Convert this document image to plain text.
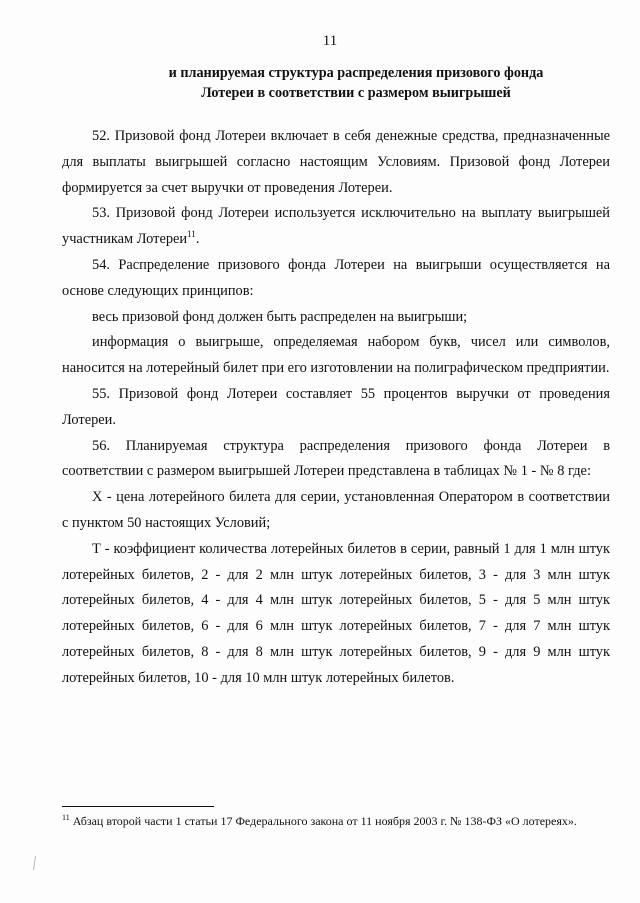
11
и планируемая структура распределения призового фонда
Лотереи в соответствии с размером выигрышей

52. Призовой фонд Лотереи включает в себя денежные средства, предназначенные для выплаты выигрышей согласно настоящим Условиям. Призовой фонд Лотереи формируется за счет выручки от проведения Лотереи.

53. Призовой фонд Лотереи используется исключительно на выплату выигрышей участникам Лотереи$^{11}$.

54. Распределение призового фонда Лотереи на выигрыши осуществляется на основе следующих принципов:

весь призовой фонд должен быть распределен на выигрыши;

информация о выигрыше, определяемая набором букв, чисел или символов, наносится на лотерейный билет при его изготовлении на полиграфическом предприятии.

55. Призовой фонд Лотереи составляет 55 процентов выручки от проведения Лотереи.

56. Планируемая структура распределения призового фонда Лотереи в соответствии с размером выигрышей Лотереи представлена в таблицах № 1 - № 8 где:

X - цена лотерейного билета для серии, установленная Оператором в соответствии с пунктом 50 настоящих Условий;

Т - коэффициент количества лотерейных билетов в серии, равный 1 для 1 млн штук лотерейных билетов, 2 - для 2 млн штук лотерейных билетов, 3 - для 3 млн штук лотерейных билетов, 4 - для 4 млн штук лотерейных билетов, 5 - для 5 млн штук лотерейных билетов, 6 - для 6 млн штук лотерейных билетов, 7 - для 7 млн штук лотерейных билетов, 8 - для 8 млн штук лотерейных билетов, 9 - для 9 млн штук лотерейных билетов, 10 - для 10 млн штук лотерейных билетов.

$^{11}$ Абзац второй части 1 статьи 17 Федерального закона от 11 ноября 2003 г. № 138-ФЗ «О лотереях».
